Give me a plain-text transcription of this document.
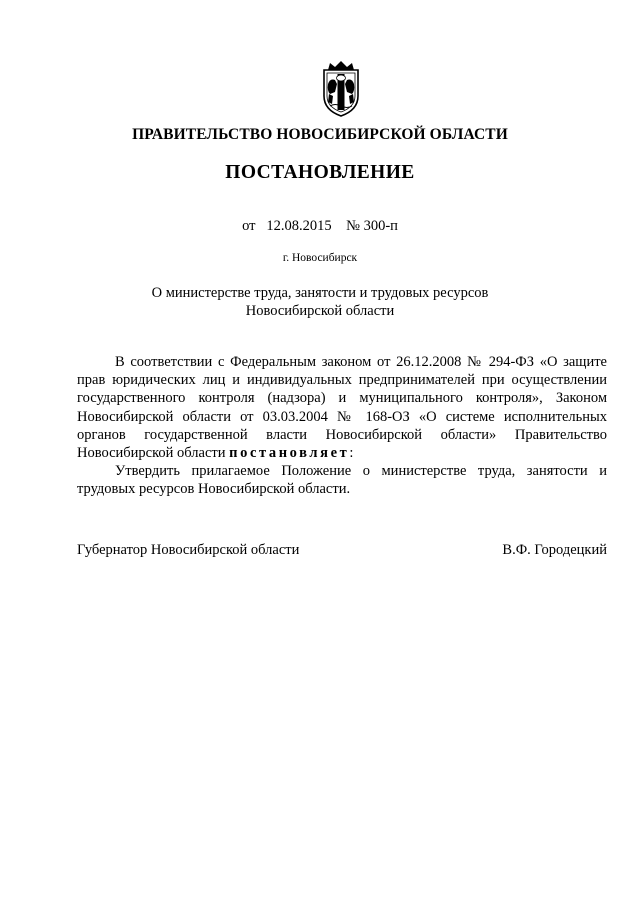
ПРАВИТЕЛЬСТВО НОВОСИБИРСКОЙ ОБЛАСТИ
ПОСТАНОВЛЕНИЕ
от 12.08.2015 № 300-п
г. Новосибирск
О министерстве труда, занятости и трудовых ресурсов
Новосибирской области

В соответствии с Федеральным законом от 26.12.2008 № 294-ФЗ «О защите прав юридических лиц и индивидуальных предпринимателей при осуществлении государственного контроля (надзора) и муниципального контроля», Законом Новосибирской области от 03.03.2004 № 168-ОЗ «О системе исполнительных органов государственной власти Новосибирской области» Правительство Новосибирской области постановляет:

Утвердить прилагаемое Положение о министерстве труда, занятости и трудовых ресурсов Новосибирской области.

Губернатор Новосибирской области	В.Ф. Городецкий
